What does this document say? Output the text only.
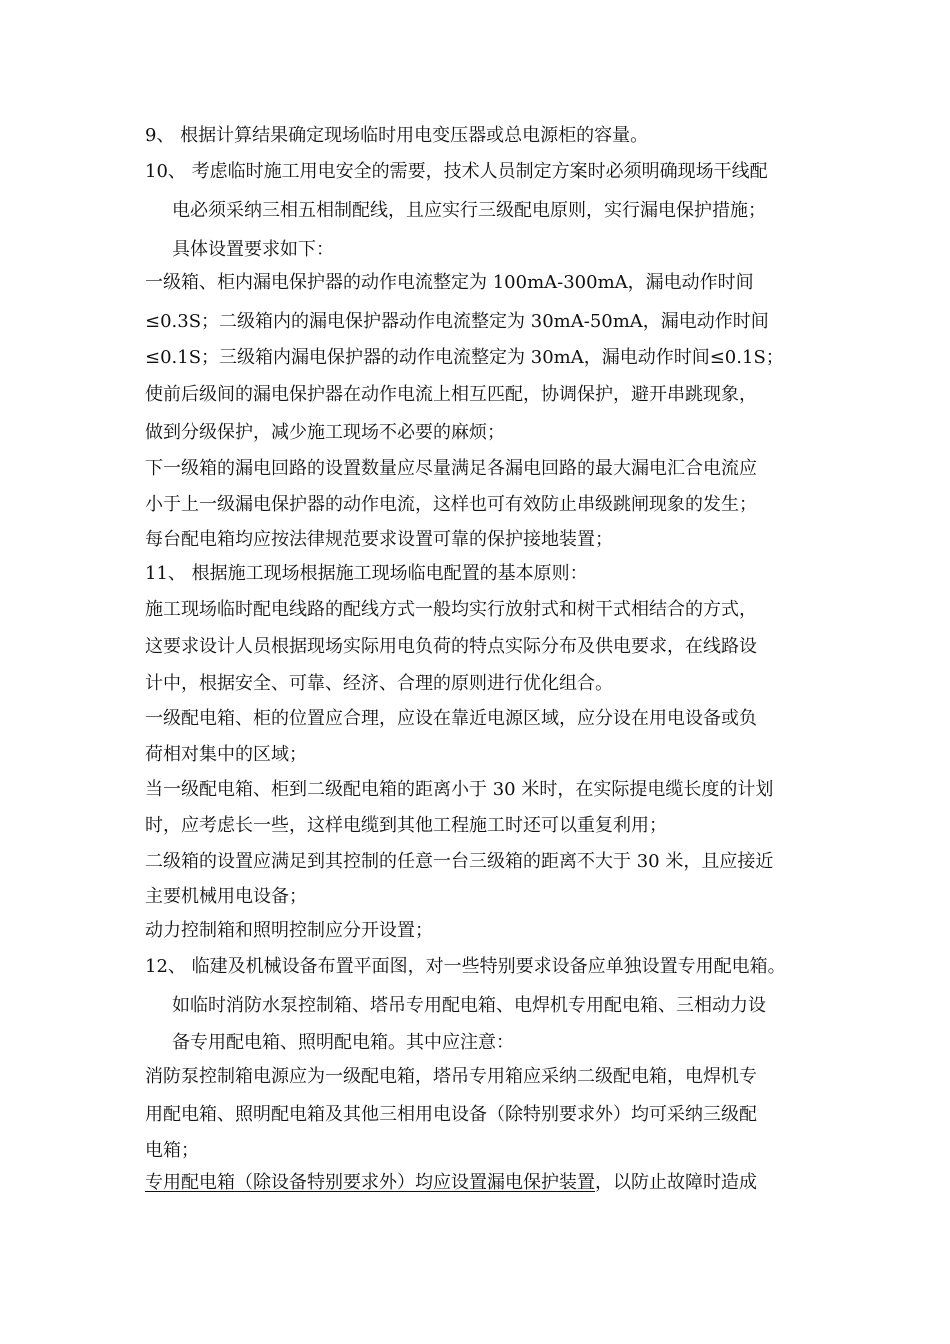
9、 根据计算结果确定现场临时用电变压器或总电源柜的容量。
10、 考虑临时施工用电安全的需要，技术人员制定方案时必须明确现场干线配
电必须采纳三相五相制配线，且应实行三级配电原则，实行漏电保护措施；
具体设置要求如下：
一级箱、柜内漏电保护器的动作电流整定为 100mA-300mA，漏电动作时间
≤0.3S；二级箱内的漏电保护器动作电流整定为 30mA-50mA，漏电动作时间
≤0.1S；三级箱内漏电保护器的动作电流整定为 30mA，漏电动作时间≤0.1S；
使前后级间的漏电保护器在动作电流上相互匹配，协调保护，避开串跳现象，
做到分级保护，减少施工现场不必要的麻烦；
下一级箱的漏电回路的设置数量应尽量满足各漏电回路的最大漏电汇合电流应
小于上一级漏电保护器的动作电流，这样也可有效防止串级跳闸现象的发生；
每台配电箱均应按法律规范要求设置可靠的保护接地装置；
11、 根据施工现场根据施工现场临电配置的基本原则：
施工现场临时配电线路的配线方式一般均实行放射式和树干式相结合的方式，
这要求设计人员根据现场实际用电负荷的特点实际分布及供电要求，在线路设
计中，根据安全、可靠、经济、合理的原则进行优化组合。
一级配电箱、柜的位置应合理，应设在靠近电源区域，应分设在用电设备或负
荷相对集中的区域；
当一级配电箱、柜到二级配电箱的距离小于 30 米时，在实际提电缆长度的计划
时，应考虑长一些，这样电缆到其他工程施工时还可以重复利用；
二级箱的设置应满足到其控制的任意一台三级箱的距离不大于 30 米，且应接近
主要机械用电设备；
动力控制箱和照明控制应分开设置；
12、 临建及机械设备布置平面图，对一些特别要求设备应单独设置专用配电箱。
如临时消防水泵控制箱、塔吊专用配电箱、电焊机专用配电箱、三相动力设
备专用配电箱、照明配电箱。其中应注意：
消防泵控制箱电源应为一级配电箱，塔吊专用箱应采纳二级配电箱，电焊机专
用配电箱、照明配电箱及其他三相用电设备（除特别要求外）均可采纳三级配
电箱；
专用配电箱（除设备特别要求外）均应设置漏电保护装置，以防止故障时造成
